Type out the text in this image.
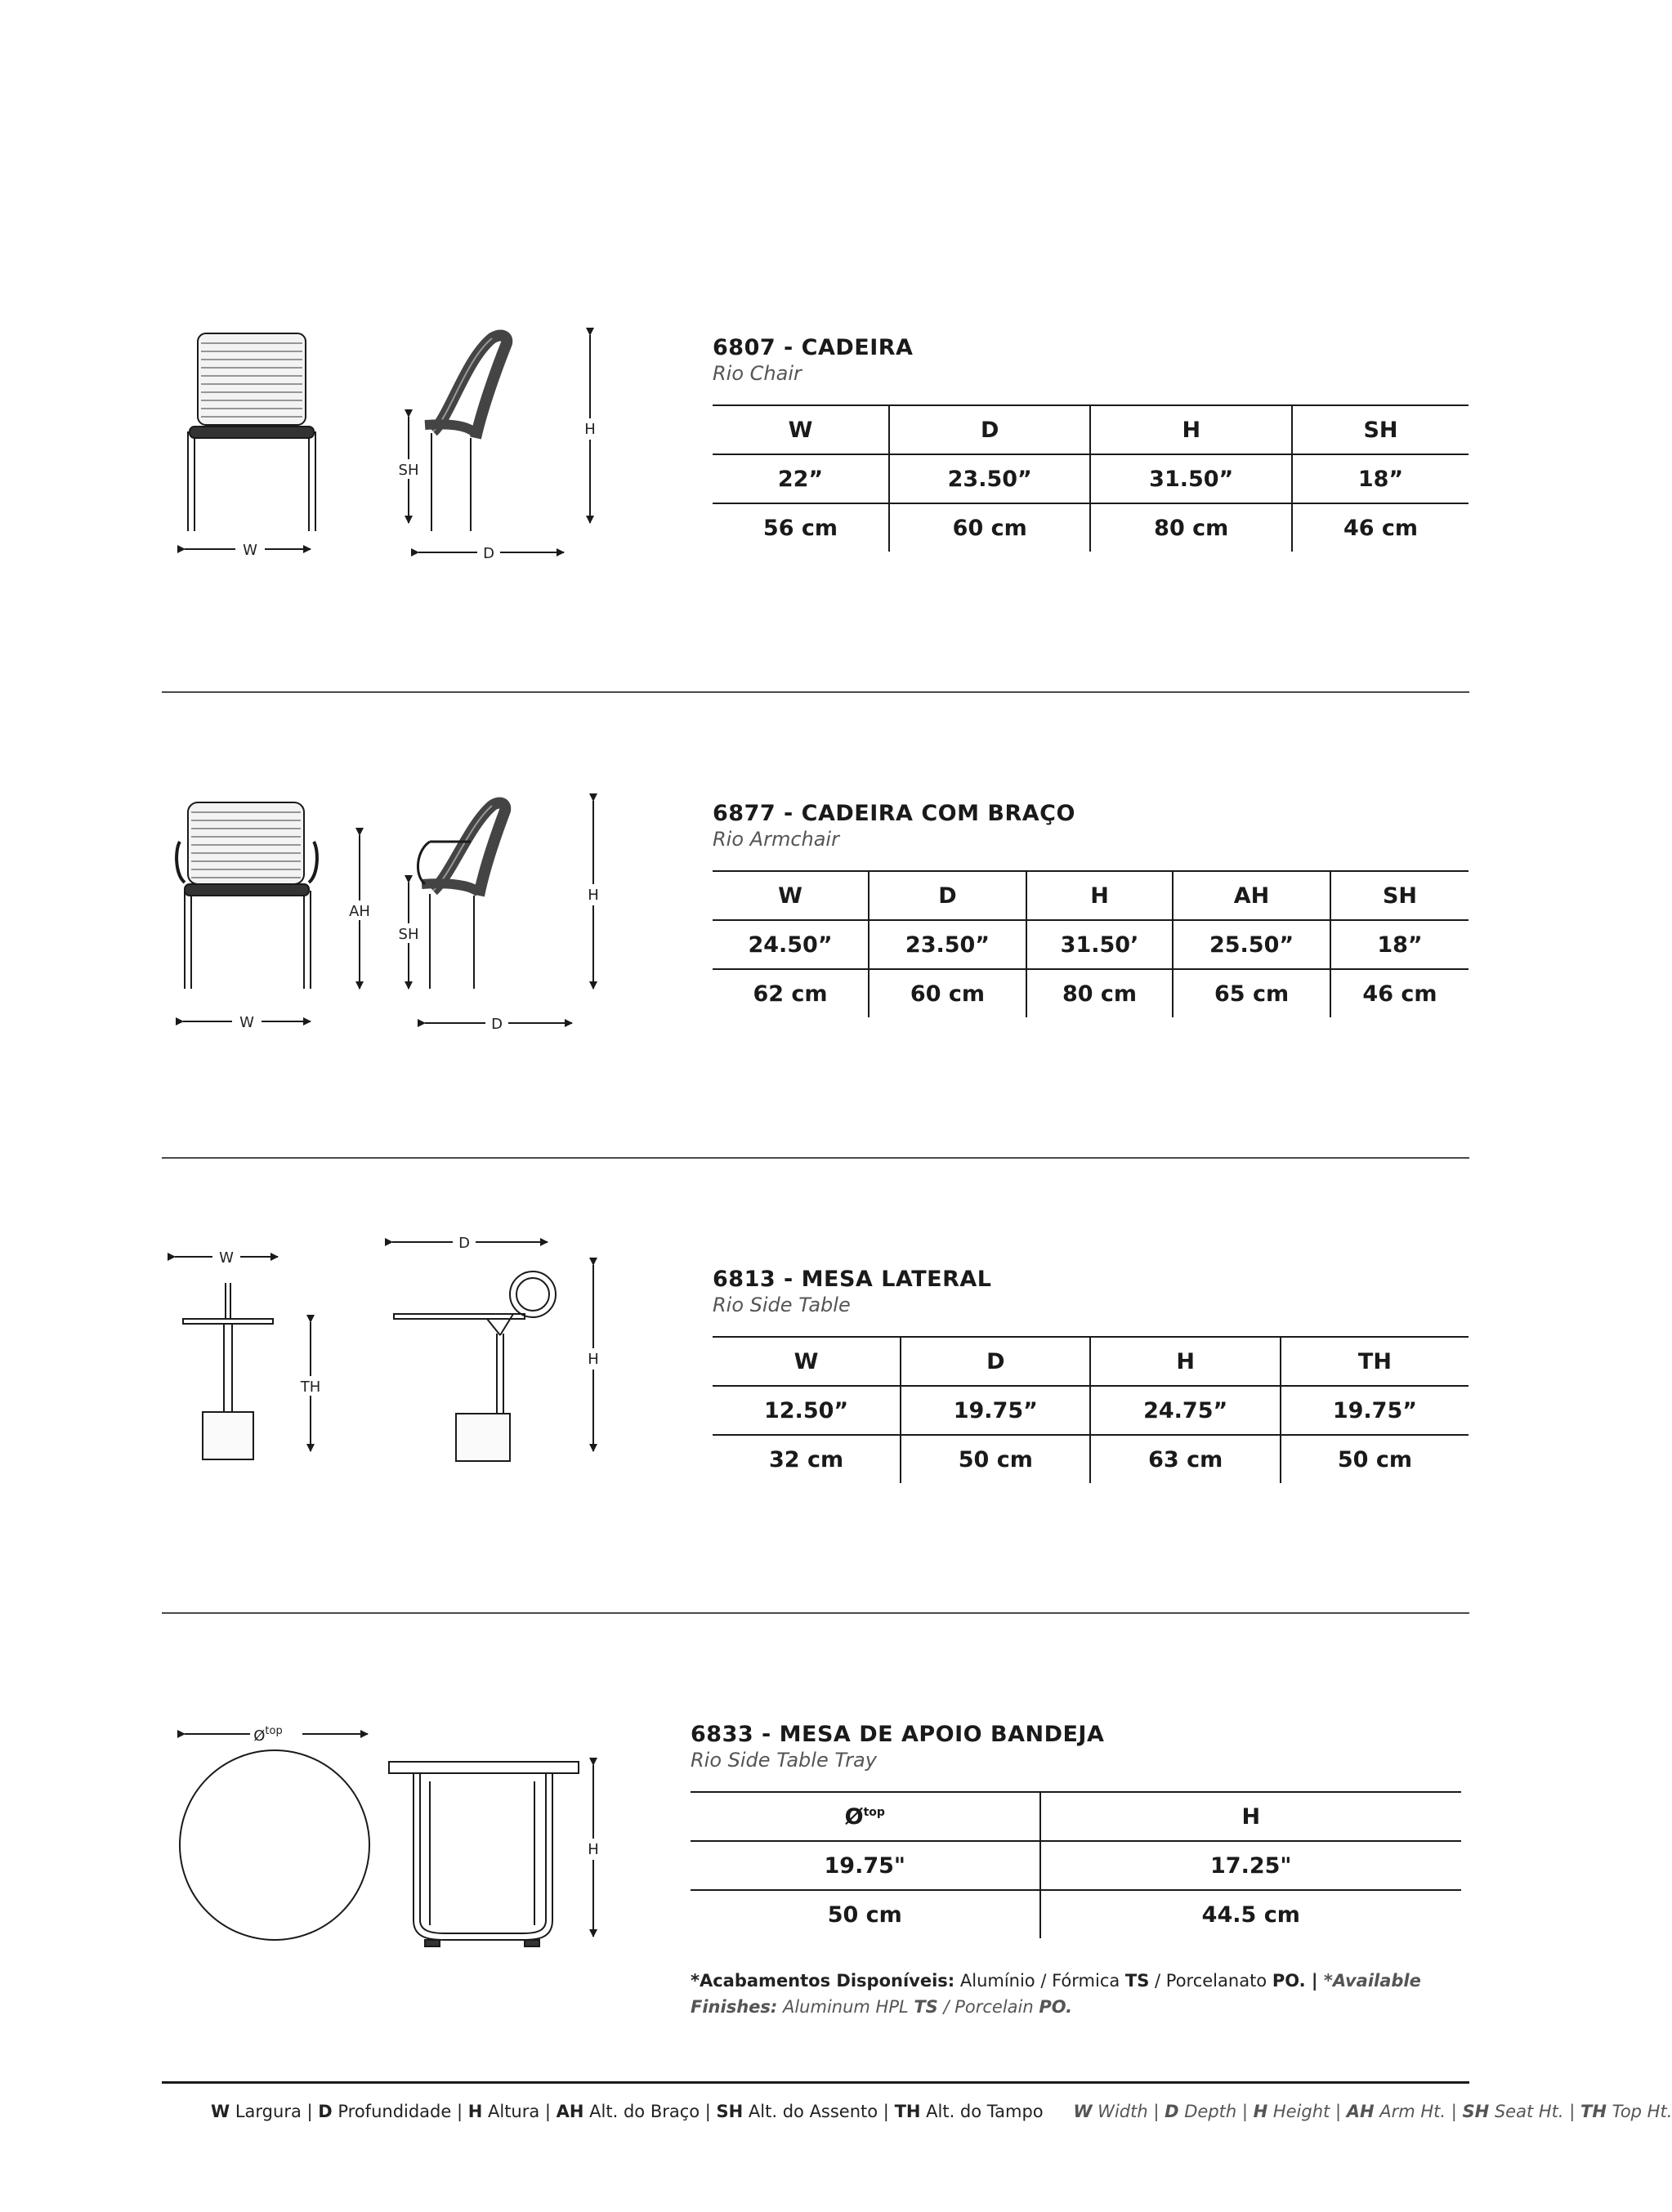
W
SH
H
D

6807 - CADEIRA

Rio Chair

W	D	H	SH
22”	23.50”	31.50”	18”
56 cm	60 cm	80 cm	46 cm
W
AH
SH
H
D

6877 - CADEIRA COM BRAÇO

Rio Armchair

W	D	H	AH	SH
24.50”	23.50”	31.50’	25.50”	18”
62 cm	60 cm	80 cm	65 cm	46 cm
W
TH
D
H

6813 - MESA LATERAL

Rio Side Table

W	D	H	TH
12.50”	19.75”	24.75”	19.75”
32 cm	50 cm	63 cm	50 cm
$Ø^{top}$
H

6833 - MESA DE APOIO BANDEJA

Rio Side Table Tray

$Ø^{top}$	H
19.75"	17.25"
50 cm	44.5 cm
*Acabamentos Disponíveis: Alumínio / Fórmica TS / Porcelanato PO. | *Available Finishes: Aluminum HPL TS / Porcelain PO.
W Largura | D Profundidade | H Altura | AH Alt. do Braço | SH Alt. do Assento | TH Alt. do Tampo W Width | D Depth | H Height | AH Arm Ht. | SH Seat Ht. | TH Top Ht.
